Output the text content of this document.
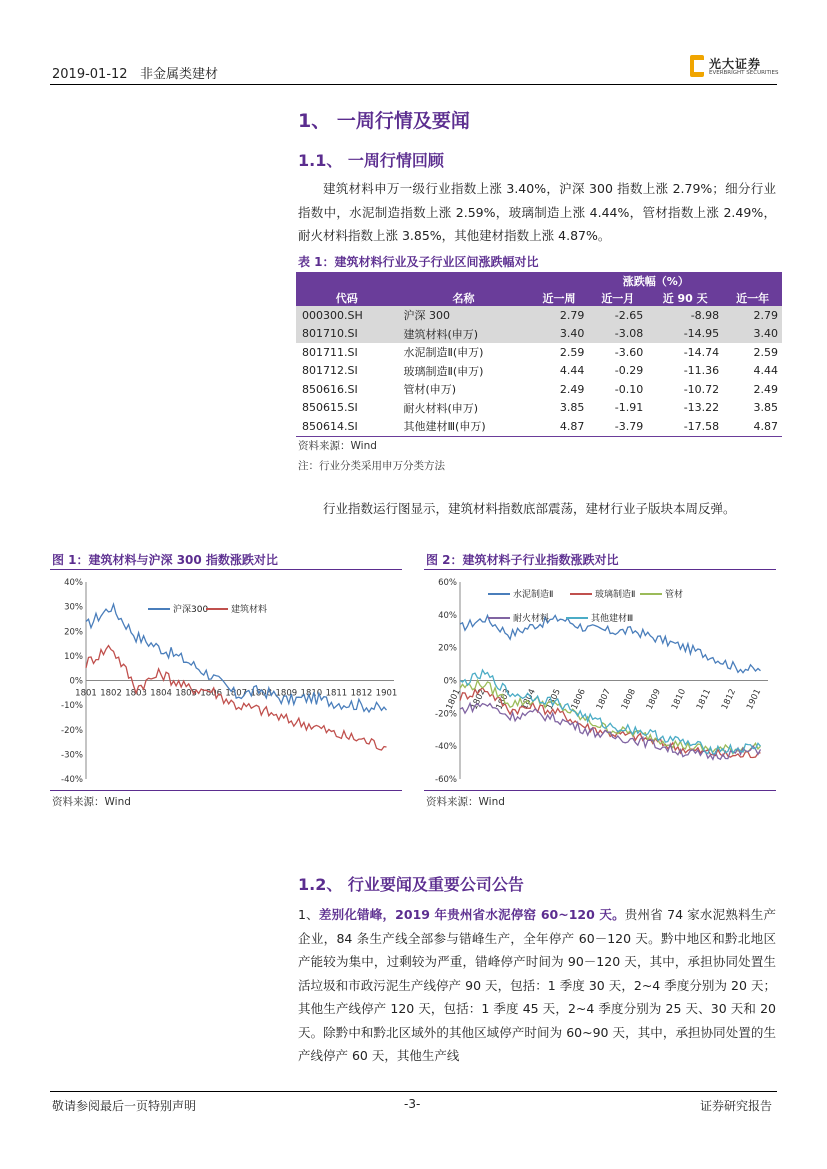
2019-01-12 非金属类建材
光大证券
EVERBRIGHT SECURITIES
1、 一周行情及要闻
1.1、 一周行情回顾
建筑材料申万一级行业指数上涨 3.40%，沪深 300 指数上涨 2.79%；细分行业指数中，水泥制造指数上涨 2.59%，玻璃制造上涨 4.44%，管材指数上涨 2.49%，耐火材料指数上涨 3.85%，其他建材指数上涨 4.87%。
表 1：建筑材料行业及子行业区间涨跌幅对比
		涨跌幅（%）			
代码	名称	近一周	近一月	近 90 天	近一年
000300.SH	沪深 300	2.79	-2.65	-8.98	2.79
801710.SI	建筑材料(申万)	3.40	-3.08	-14.95	3.40
801711.SI	水泥制造Ⅱ(申万)	2.59	-3.60	-14.74	2.59
801712.SI	玻璃制造Ⅱ(申万)	4.44	-0.29	-11.36	4.44
850616.SI	管材(申万)	2.49	-0.10	-10.72	2.49
850615.SI	耐火材料(申万)	3.85	-1.91	-13.22	3.85
850614.SI	其他建材Ⅲ(申万)	4.87	-3.79	-17.58	4.87
资料来源：Wind
注：行业分类采用申万分类方法
行业指数运行图显示，建筑材料指数底部震荡，建材行业子版块本周反弹。
图 1：建筑材料与沪深 300 指数涨跌对比
40%
30%
20%
10%
0%
-10%
-20%
-30%
-40%
1801 1802 1803 1804 1805 1806 1807 1808 1809 1810 1811 1812 1901
沪深300	建筑材料
资料来源：Wind
图 2：建筑材料子行业指数涨跌对比
60%
40%
20%
0%
-20%
-40%
-60%
1801 1802 1803 1804 1805 1806 1807 1808 1809 1810 1811 1812 1901
水泥制造Ⅱ	玻璃制造Ⅱ	管材
耐火材料	其他建材Ⅲ
资料来源：Wind
1.2、 行业要闻及重要公司公告
1、差别化错峰，2019 年贵州省水泥停窑 60~120 天。贵州省 74 家水泥熟料生产企业，84 条生产线全部参与错峰生产，全年停产 60－120 天。黔中地区和黔北地区产能较为集中，过剩较为严重，错峰停产时间为 90－120 天，其中，承担协同处置生活垃圾和市政污泥生产线停产 90 天，包括：1 季度 30 天，2~4 季度分别为 20 天；其他生产线停产 120 天，包括：1 季度 45 天，2~4 季度分别为 25 天、30 天和 20 天。除黔中和黔北区域外的其他区域停产时间为 60~90 天，其中，承担协同处置的生产线停产 60 天，其他生产线
敬请参阅最后一页特别声明	-3-	证券研究报告
